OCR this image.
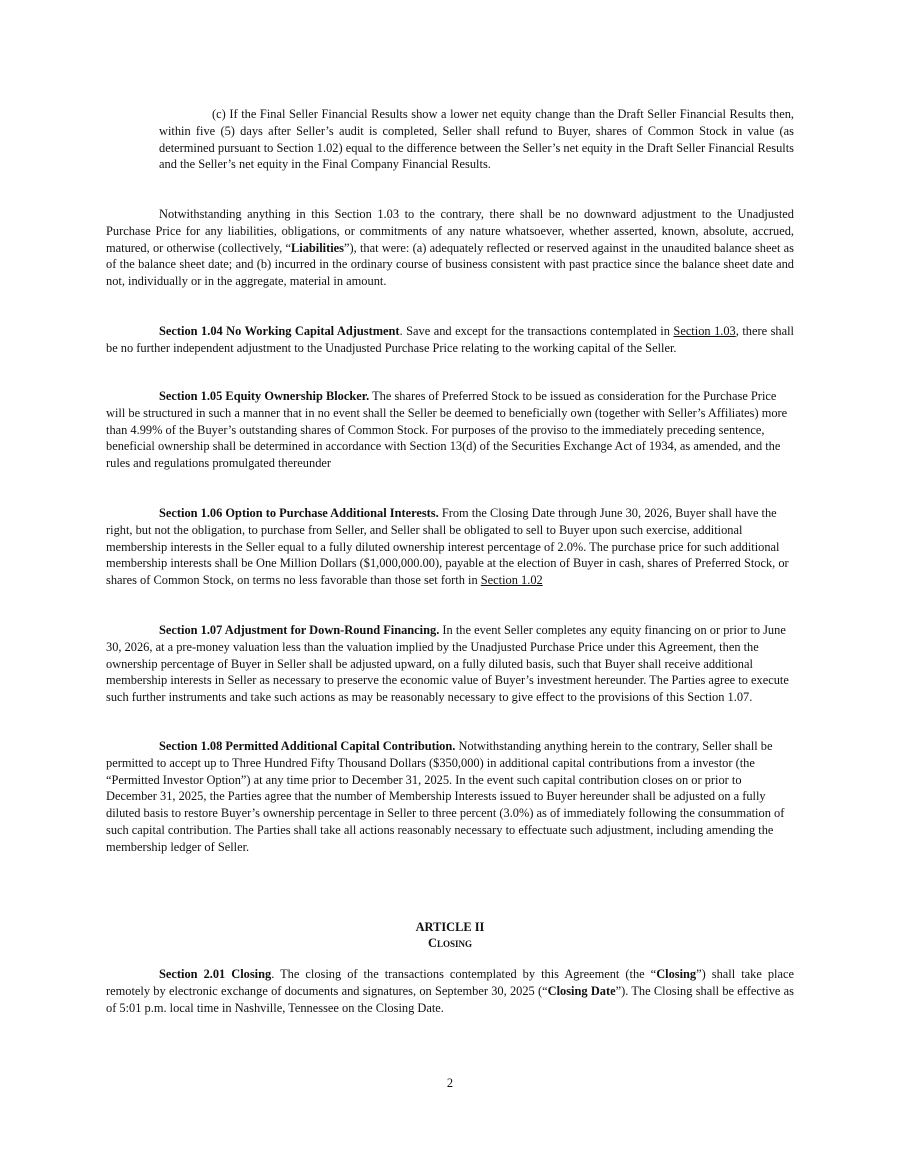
(c) If the Final Seller Financial Results show a lower net equity change than the Draft Seller Financial Results then, within five (5) days after Seller’s audit is completed, Seller shall refund to Buyer, shares of Common Stock in value (as determined pursuant to Section 1.02) equal to the difference between the Seller’s net equity in the Draft Seller Financial Results and the Seller’s net equity in the Final Company Financial Results.

Notwithstanding anything in this Section 1.03 to the contrary, there shall be no downward adjustment to the Unadjusted Purchase Price for any liabilities, obligations, or commitments of any nature whatsoever, whether asserted, known, absolute, accrued, matured, or otherwise (collectively, “Liabilities”), that were: (a) adequately reflected or reserved against in the unaudited balance sheet as of the balance sheet date; and (b) incurred in the ordinary course of business consistent with past practice since the balance sheet date and not, individually or in the aggregate, material in amount.

Section 1.04 No Working Capital Adjustment. Save and except for the transactions contemplated in Section 1.03, there shall be no further independent adjustment to the Unadjusted Purchase Price relating to the working capital of the Seller.

Section 1.05 Equity Ownership Blocker. The shares of Preferred Stock to be issued as consideration for the Purchase Price will be structured in such a manner that in no event shall the Seller be deemed to beneficially own (together with Seller’s Affiliates) more than 4.99% of the Buyer’s outstanding shares of Common Stock. For purposes of the proviso to the immediately preceding sentence, beneficial ownership shall be determined in accordance with Section 13(d) of the Securities Exchange Act of 1934, as amended, and the rules and regulations promulgated thereunder

Section 1.06 Option to Purchase Additional Interests. From the Closing Date through June 30, 2026, Buyer shall have the right, but not the obligation, to purchase from Seller, and Seller shall be obligated to sell to Buyer upon such exercise, additional membership interests in the Seller equal to a fully diluted ownership interest percentage of 2.0%. The purchase price for such additional membership interests shall be One Million Dollars ($1,000,000.00), payable at the election of Buyer in cash, shares of Preferred Stock, or shares of Common Stock, on terms no less favorable than those set forth in Section 1.02

Section 1.07 Adjustment for Down-Round Financing. In the event Seller completes any equity financing on or prior to June 30, 2026, at a pre-money valuation less than the valuation implied by the Unadjusted Purchase Price under this Agreement, then the ownership percentage of Buyer in Seller shall be adjusted upward, on a fully diluted basis, such that Buyer shall receive additional membership interests in Seller as necessary to preserve the economic value of Buyer’s investment hereunder. The Parties agree to execute such further instruments and take such actions as may be reasonably necessary to give effect to the provisions of this Section 1.07.

Section 1.08 Permitted Additional Capital Contribution. Notwithstanding anything herein to the contrary, Seller shall be permitted to accept up to Three Hundred Fifty Thousand Dollars ($350,000) in additional capital contributions from a investor (the “Permitted Investor Option”) at any time prior to December 31, 2025. In the event such capital contribution closes on or prior to December 31, 2025, the Parties agree that the number of Membership Interests issued to Buyer hereunder shall be adjusted on a fully diluted basis to restore Buyer’s ownership percentage in Seller to three percent (3.0%) as of immediately following the consummation of such capital contribution. The Parties shall take all actions reasonably necessary to effectuate such adjustment, including amending the membership ledger of Seller.

ARTICLE II

Closing

Section 2.01 Closing. The closing of the transactions contemplated by this Agreement (the “Closing”) shall take place remotely by electronic exchange of documents and signatures, on September 30, 2025 (“Closing Date”). The Closing shall be effective as of 5:01 p.m. local time in Nashville, Tennessee on the Closing Date.

2
